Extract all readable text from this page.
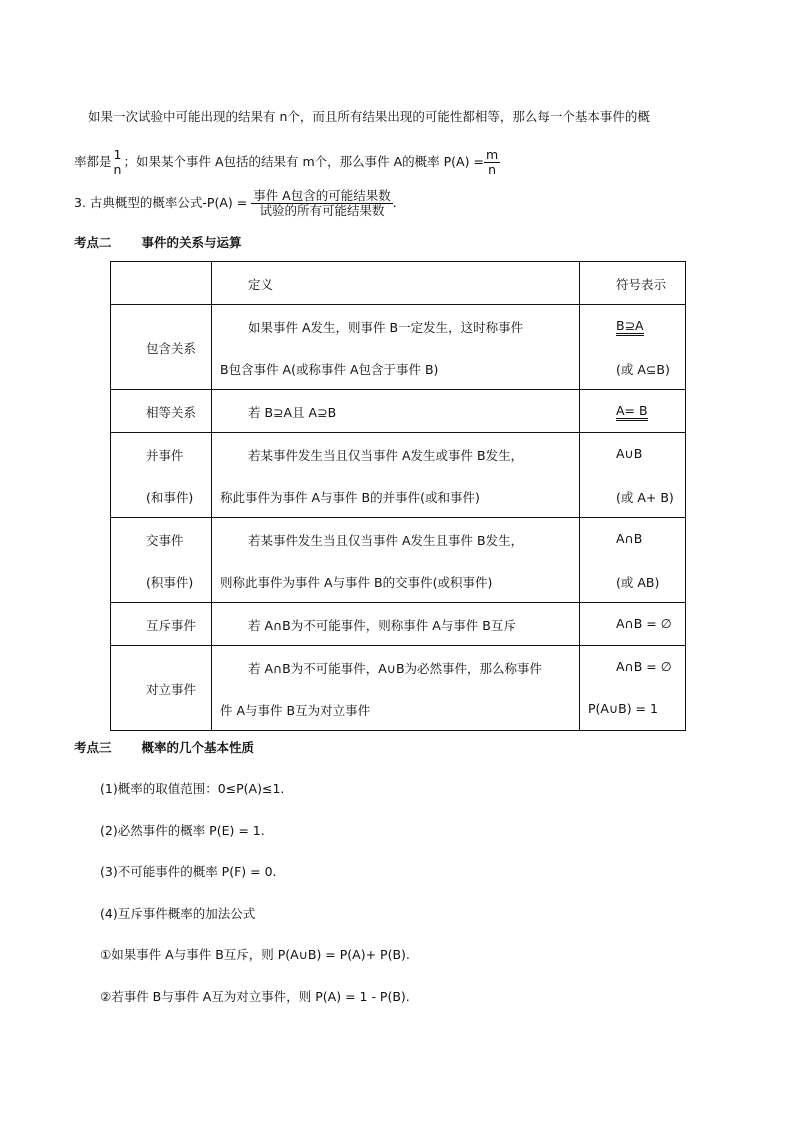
如果一次试验中可能出现的结果有 n个，而且所有结果出现的可能性都相等，那么每一个基本事件的概
率都是 1
n ；如果某个事件 A包括的结果有 m个，那么事件 A的概率 $P(A) = \frac{m}{n}$
3. 古典概型的概率公式$-P(A) = \frac{\text{事件 A包含的可能结果数}}{\text{试验的所有可能结果数}}$ .
考点二 事件的关系与运算

	定义	符号表示

包含关系	如果事件 A发生，则事件 B一定发生，这时称事件
B包含事件 A(或称事件 A包含于事件 B)	B⊇A
(或 A⊆B)

相等关系	若 B⊇A且 A⊇B	A= B

并事件
(和事件)	若某事件发生当且仅当事件 A发生或事件 B发生，
称此事件为事件 A与事件 B的并事件(或和事件)	A∪B
(或 A+ B)

交事件
(积事件)	若某事件发生当且仅当事件 A发生且事件 B发生，
则称此事件为事件 A与事件 B的交事件(或积事件)	A∩B
(或 AB)

互斥事件	若 A∩B为不可能事件，则称事件 A与事件 B互斥	A∩B = ∅

对立事件	若 A∩B为不可能事件，A∪B为必然事件，那么称事件
件 A与事件 B互为对立事件	A∩B = ∅
P(A∪B) = 1
考点三 概率的几个基本性质
(1)概率的取值范围：0≤P(A)≤1.
(2)必然事件的概率 P(E) = 1.
(3)不可能事件的概率 P(F) = 0.
(4)互斥事件概率的加法公式
①如果事件 A与事件 B互斥，则 P(A∪B) = P(A)+ P(B).
②若事件 B与事件 A互为对立事件，则 P(A) = 1 - P(B).
